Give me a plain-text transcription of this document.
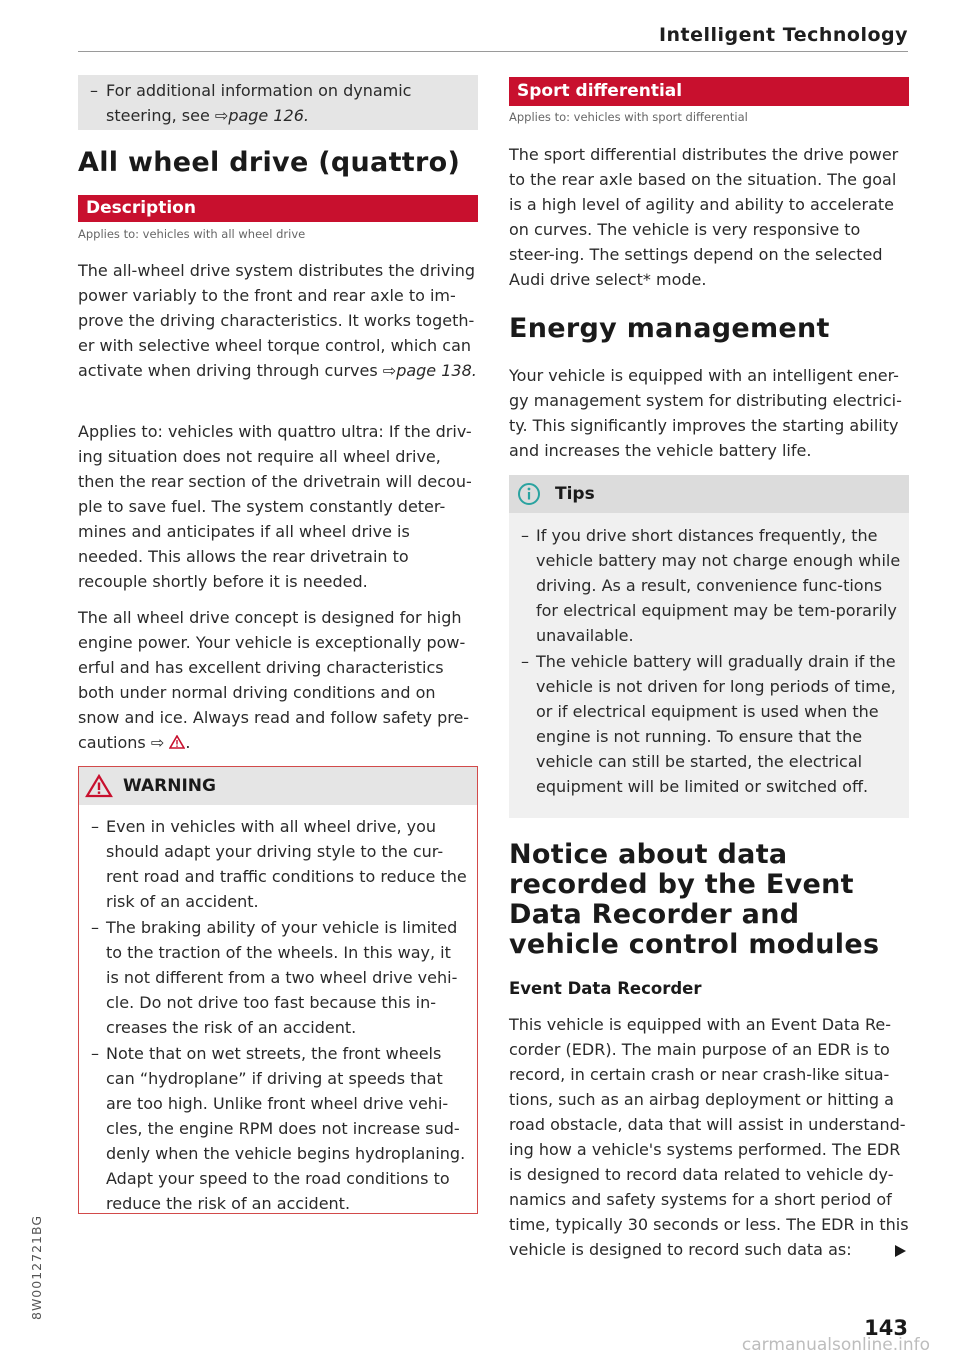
Intelligent Technology
– For additional information on dynamic steering, see ⇨page 126.
All wheel drive (quattro)
Description
Applies to: vehicles with all wheel drive

The all-wheel drive system distributes the driving power variably to the front and rear axle to im-prove the driving characteristics. It works togeth-er with selective wheel torque control, which can activate when driving through curves ⇨page 138.

Applies to: vehicles with quattro ultra: If the driv-ing situation does not require all wheel drive, then the rear section of the drivetrain will decou-ple to save fuel. The system constantly deter-mines and anticipates if all wheel drive is needed. This allows the rear drivetrain to recouple shortly before it is needed.

The all wheel drive concept is designed for high engine power. Your vehicle is exceptionally pow-erful and has excellent driving characteristics both under normal driving conditions and on snow and ice. Always read and follow safety pre-cautions ⇨ .

WARNING
– Even in vehicles with all wheel drive, you should adapt your driving style to the cur-rent road and traffic conditions to reduce the risk of an accident.
– The braking ability of your vehicle is limited to the traction of the wheels. In this way, it is not different from a two wheel drive vehi-cle. Do not drive too fast because this in-creases the risk of an accident.
– Note that on wet streets, the front wheels can “hydroplane” if driving at speeds that are too high. Unlike front wheel drive vehi-cles, the engine RPM does not increase sud-denly when the vehicle begins hydroplaning. Adapt your speed to the road conditions to reduce the risk of an accident.
Sport differential
Applies to: vehicles with sport differential

The sport differential distributes the drive power to the rear axle based on the situation. The goal is a high level of agility and ability to accelerate on curves. The vehicle is very responsive to steer-ing. The settings depend on the selected Audi drive select* mode.

Energy management

Your vehicle is equipped with an intelligent ener-gy management system for distributing electrici-ty. This significantly improves the starting ability and increases the vehicle battery life.

Tips
– If you drive short distances frequently, the vehicle battery may not charge enough while driving. As a result, convenience func-tions for electrical equipment may be tem-porarily unavailable.
– The vehicle battery will gradually drain if the vehicle is not driven for long periods of time, or if electrical equipment is used when the engine is not running. To ensure that the vehicle can still be started, the electrical equipment will be limited or switched off.
Notice about data recorded by the Event Data Recorder and vehicle control modules
Event Data Recorder

This vehicle is equipped with an Event Data Re-corder (EDR). The main purpose of an EDR is to record, in certain crash or near crash-like situa-tions, such as an airbag deployment or hitting a road obstacle, data that will assist in understand-ing how a vehicle's systems performed. The EDR is designed to record data related to vehicle dy-namics and safety systems for a short period of time, typically 30 seconds or less. The EDR in this vehicle is designed to record such data as:

8W0012721BG
143
carmanualsonline.info
